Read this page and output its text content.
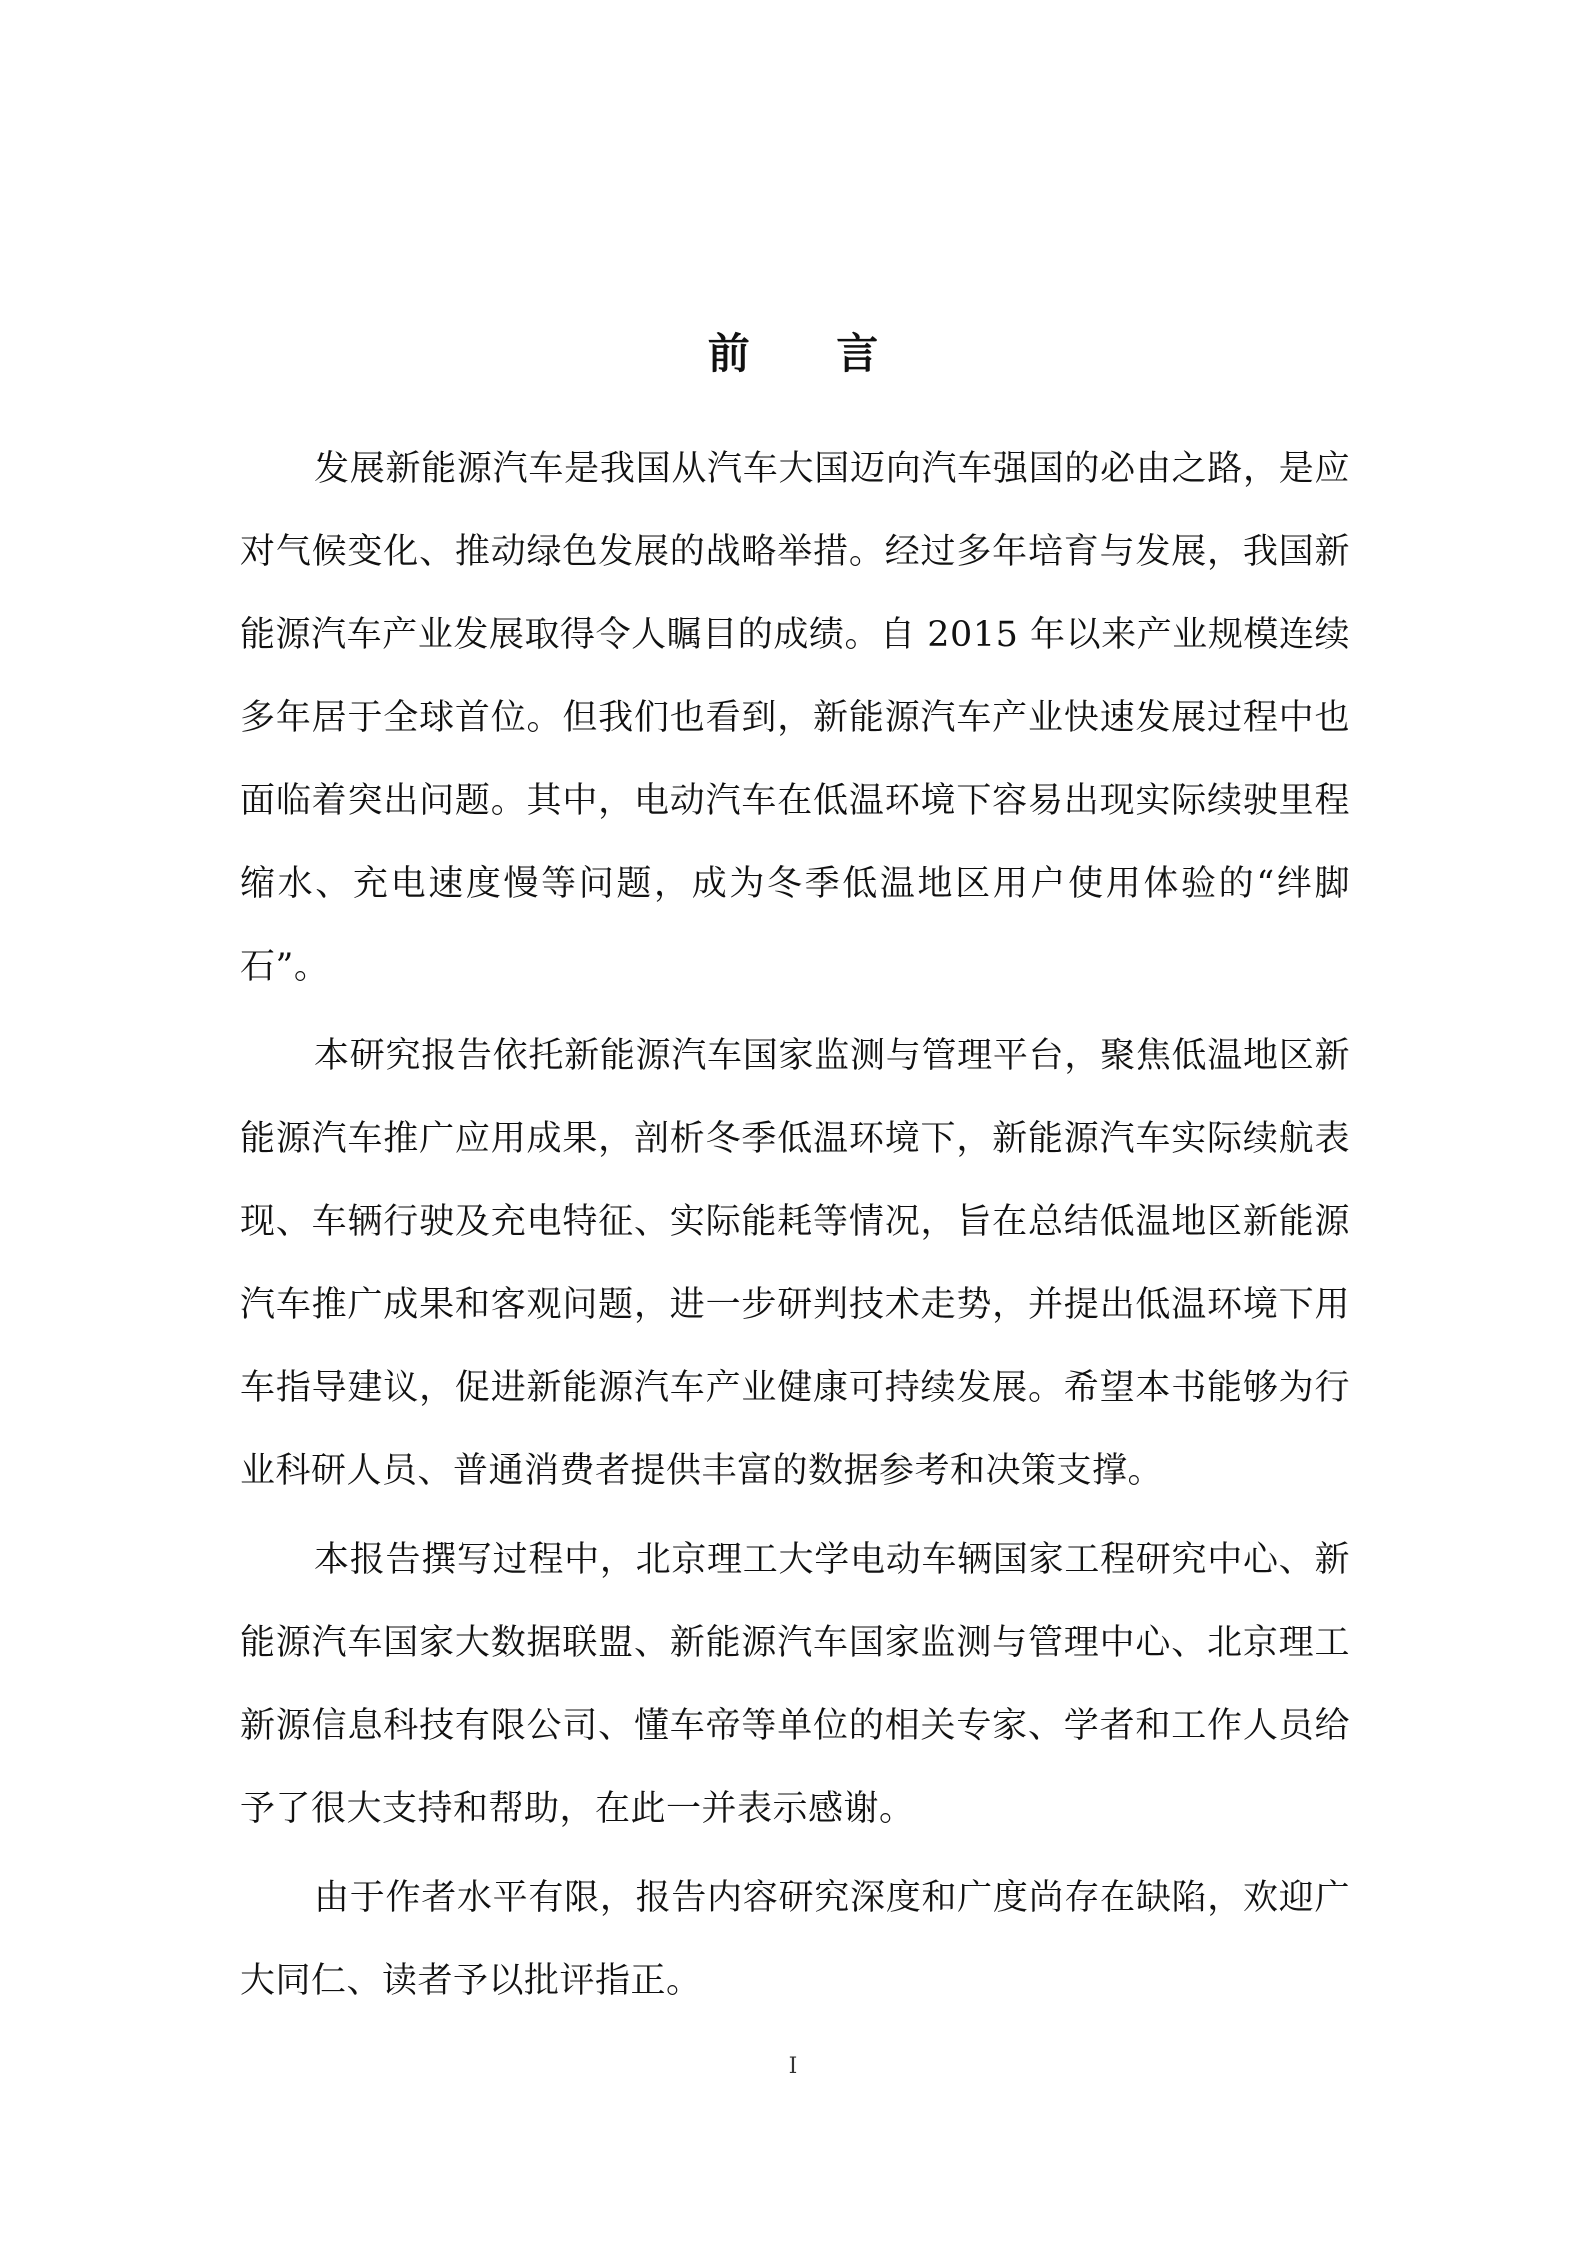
前 言

发展新能源汽车是我国从汽车大国迈向汽车强国的必由之路，是应对气候变化、推动绿色发展的战略举措。经过多年培育与发展，我国新能源汽车产业发展取得令人瞩目的成绩。自 2015 年以来产业规模连续多年居于全球首位。但我们也看到，新能源汽车产业快速发展过程中也面临着突出问题。其中，电动汽车在低温环境下容易出现实际续驶里程缩水、充电速度慢等问题，成为冬季低温地区用户使用体验的“绊脚石”。

本研究报告依托新能源汽车国家监测与管理平台，聚焦低温地区新能源汽车推广应用成果，剖析冬季低温环境下，新能源汽车实际续航表现、车辆行驶及充电特征、实际能耗等情况，旨在总结低温地区新能源汽车推广成果和客观问题，进一步研判技术走势，并提出低温环境下用车指导建议，促进新能源汽车产业健康可持续发展。希望本书能够为行业科研人员、普通消费者提供丰富的数据参考和决策支撑。

本报告撰写过程中，北京理工大学电动车辆国家工程研究中心、新能源汽车国家大数据联盟、新能源汽车国家监测与管理中心、北京理工新源信息科技有限公司、懂车帝等单位的相关专家、学者和工作人员给予了很大支持和帮助，在此一并表示感谢。

由于作者水平有限，报告内容研究深度和广度尚存在缺陷，欢迎广大同仁、读者予以批评指正。

I
